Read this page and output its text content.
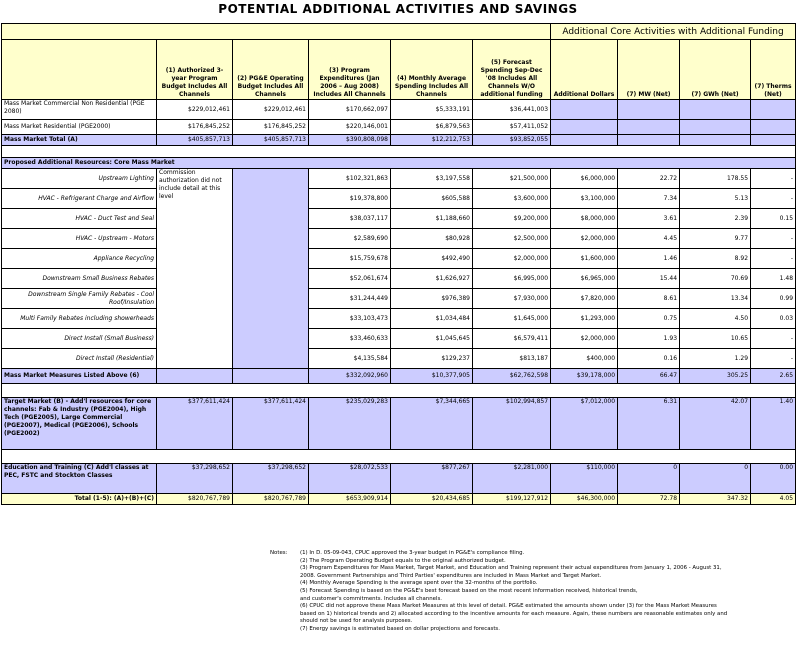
POTENTIAL ADDITIONAL ACTIVITIES AND SAVINGS
						Additional Core Activities with Additional Funding			
	(1) Authorized 3-year Program Budget Includes All Channels	(2) PG&E Operating Budget Includes All Channels	(3) Program Expenditures (Jan 2006 – Aug 2008) Includes All Channels	(4) Monthly Average Spending Includes All Channels	(5) Forecast Spending Sep-Dec '08 Includes All Channels W/O additional funding	Additional Dollars	(7) MW (Net)	(7) GWh (Net)	(7) Therms (Net)
Mass Market Commercial Non Residential (PGE 2080)	$229,012,461	$229,012,461	$170,662,097	$5,333,191	$36,441,003				
Mass Market Residential (PGE2000)	$176,845,252	$176,845,252	$220,146,001	$6,879,563	$57,411,052				
Mass Market Total (A)	$405,857,713	$405,857,713	$390,808,098	$12,212,753	$93,852,055				

Proposed Additional Resources: Core Mass Market									
Upstream Lighting	Commission authorization did not include detail at this level		$102,321,863	$3,197,558	$21,500,000	$6,000,000	22.72	178.55	-
HVAC - Refrigerant Charge and Airflow			$19,378,800	$605,588	$3,600,000	$3,100,000	7.34	5.13	-
HVAC - Duct Test and Seal			$38,037,117	$1,188,660	$9,200,000	$8,000,000	3.61	2.39	0.15
HVAC - Upstream - Motors			$2,589,690	$80,928	$2,500,000	$2,000,000	4.45	9.77	-
Appliance Recycling			$15,759,678	$492,490	$2,000,000	$1,600,000	1.46	8.92	-
Downstream Small Business Rebates			$52,061,674	$1,626,927	$6,995,000	$6,965,000	15.44	70.69	1.48
Downstream Single Family Rebates - Cool Roof/Insulation			$31,244,449	$976,389	$7,930,000	$7,820,000	8.61	13.34	0.99
Multi Family Rebates including showerheads			$33,103,473	$1,034,484	$1,645,000	$1,293,000	0.75	4.50	0.03
Direct Install (Small Business)			$33,460,633	$1,045,645	$6,579,411	$2,000,000	1.93	10.65	-
Direct Install (Residential)			$4,135,584	$129,237	$813,187	$400,000	0.16	1.29	-
Mass Market Measures Listed Above (6)			$332,092,960	$10,377,905	$62,762,598	$39,178,000	66.47	305.25	2.65

Target Market (B) - Add'l resources for core channels: Fab & Industry (PGE2004), High Tech (PGE2005), Large Commercial (PGE2007), Medical (PGE2006), Schools (PGE2002)	$377,611,424	$377,611,424	$235,029,283	$7,344,665	$102,994,857	$7,012,000	6.31	42.07	1.40

Education and Training (C) Add'l classes at PEC, FSTC and Stockton Classes	$37,298,652	$37,298,652	$28,072,533	$877,267	$2,281,000	$110,000	0	0	0.00
Total (1-5): (A)+(B)+(C)	$820,767,789	$820,767,789	$653,909,914	$20,434,685	$199,127,912	$46,300,000	72.78	347.32	4.05
Notes: (1) In D. 05-09-043, CPUC approved the 3-year budget in PG&E's compliance filing.
(2) The Program Operating Budget equals to the original authorized budget.
(3) Program Expenditures for Mass Market, Target Market, and Education and Training represent their actual expenditures from January 1, 2006 - August 31,
2008. Government Partnerships and Third Parties' expenditures are included in Mass Market and Target Market.
(4) Monthly Average Spending is the average spent over the 32-months of the portfolio.
(5) Forecast Spending is based on the PG&E's best forecast based on the most recent information received, historical trends,
and customer's commitments. Includes all channels.
(6) CPUC did not approve these Mass Market Measures at this level of detail. PG&E estimated the amounts shown under (3) for the Mass Market Measures
based on 1) historical trends and 2) allocated according to the incentive amounts for each measure. Again, these numbers are reasonable estimates only and
should not be used for analysis purposes.
(7) Energy savings is estimated based on dollar projections and forecasts.
